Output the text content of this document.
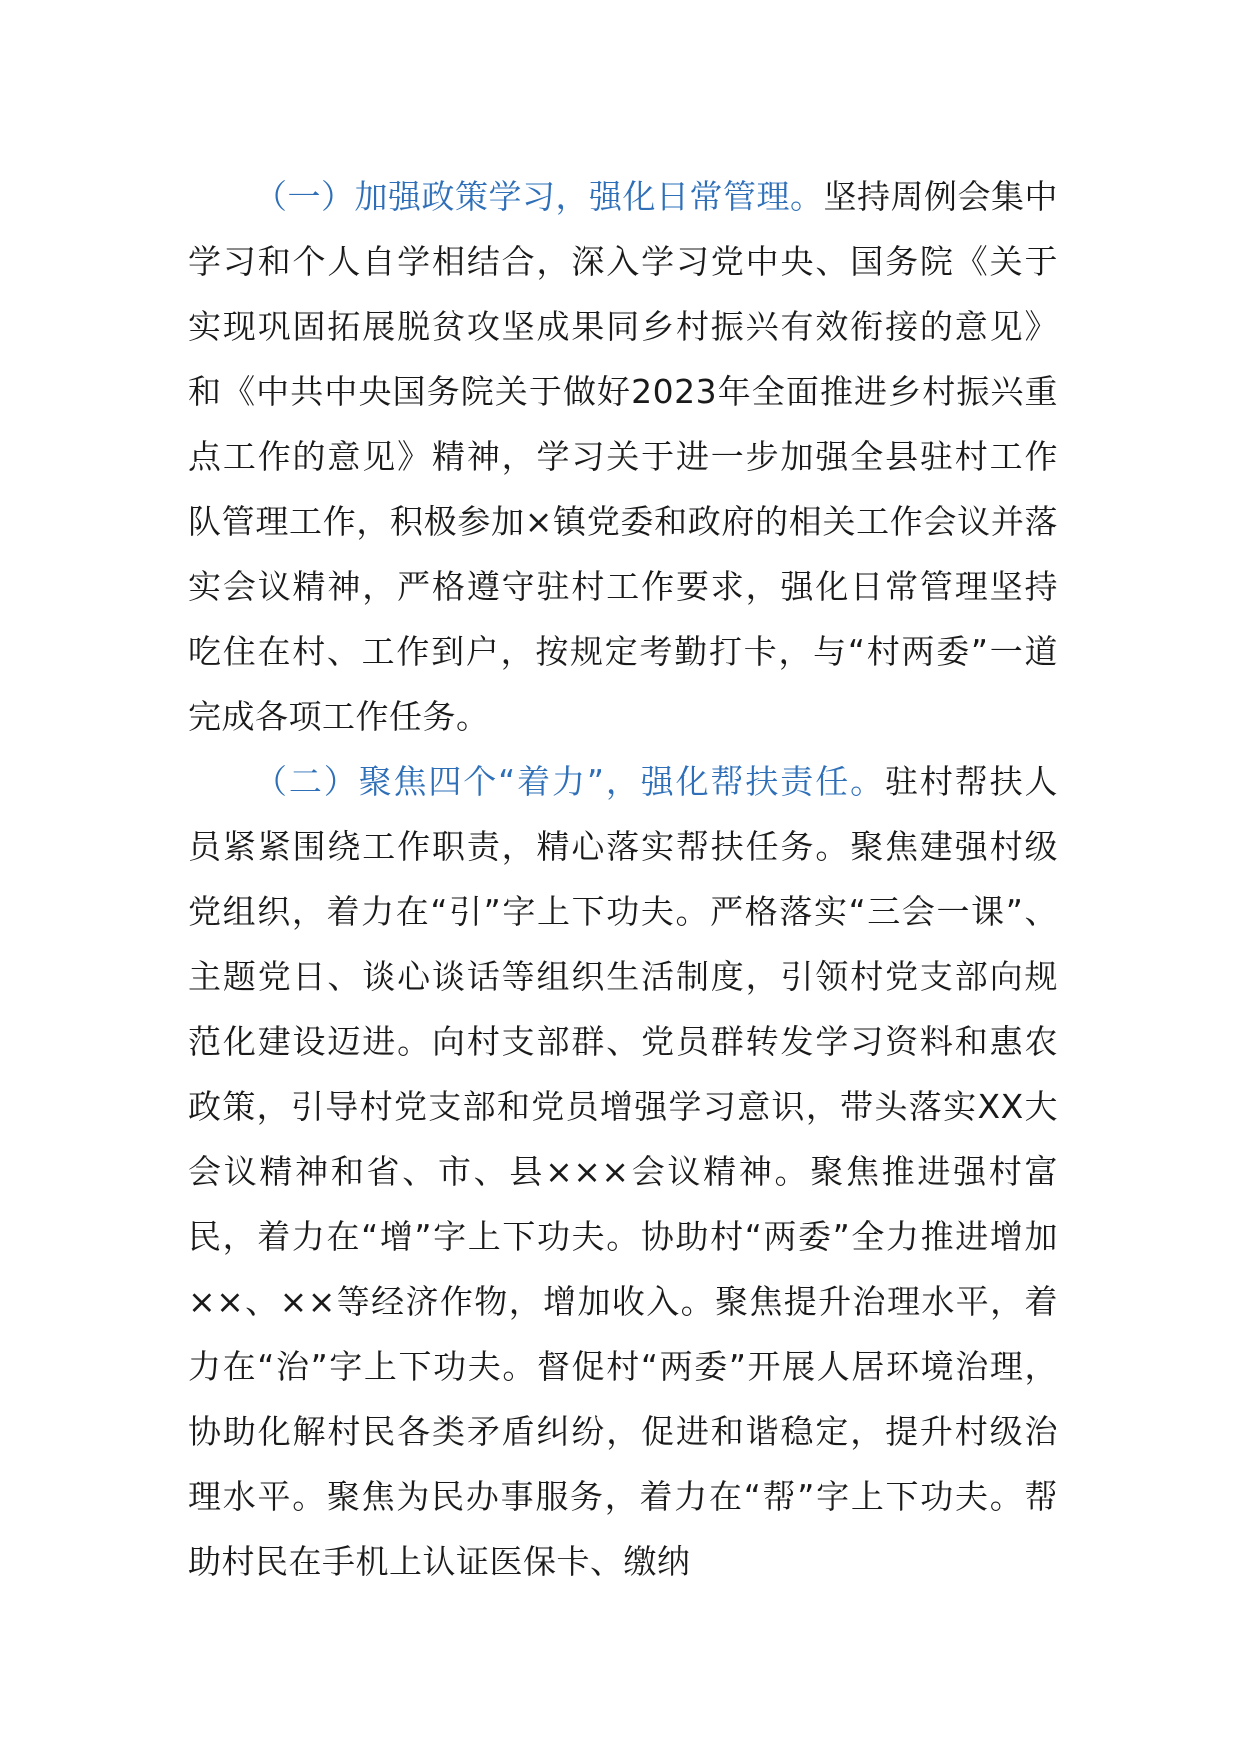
（一）加强政策学习，强化日常管理。坚持周例会集中学习和个人自学相结合，深入学习党中央、国务院《关于实现巩固拓展脱贫攻坚成果同乡村振兴有效衔接的意见》和《中共中央国务院关于做好2023年全面推进乡村振兴重点工作的意见》精神，学习关于进一步加强全县驻村工作队管理工作，积极参加×镇党委和政府的相关工作会议并落实会议精神，严格遵守驻村工作要求，强化日常管理坚持吃住在村、工作到户，按规定考勤打卡，与“村两委”一道完成各项工作任务。

（二）聚焦四个“着力”，强化帮扶责任。驻村帮扶人员紧紧围绕工作职责，精心落实帮扶任务。聚焦建强村级党组织，着力在“引”字上下功夫。严格落实“三会一课”、主题党日、谈心谈话等组织生活制度，引领村党支部向规范化建设迈进。向村支部群、党员群转发学习资料和惠农政策，引导村党支部和党员增强学习意识，带头落实XX大会议精神和省、市、县×××会议精神。聚焦推进强村富民，着力在“增”字上下功夫。协助村“两委”全力推进增加××、××等经济作物，增加收入。聚焦提升治理水平，着力在“治”字上下功夫。督促村“两委”开展人居环境治理，协助化解村民各类矛盾纠纷，促进和谐稳定，提升村级治理水平。聚焦为民办事服务，着力在“帮”字上下功夫。帮助村民在手机上认证医保卡、缴纳
